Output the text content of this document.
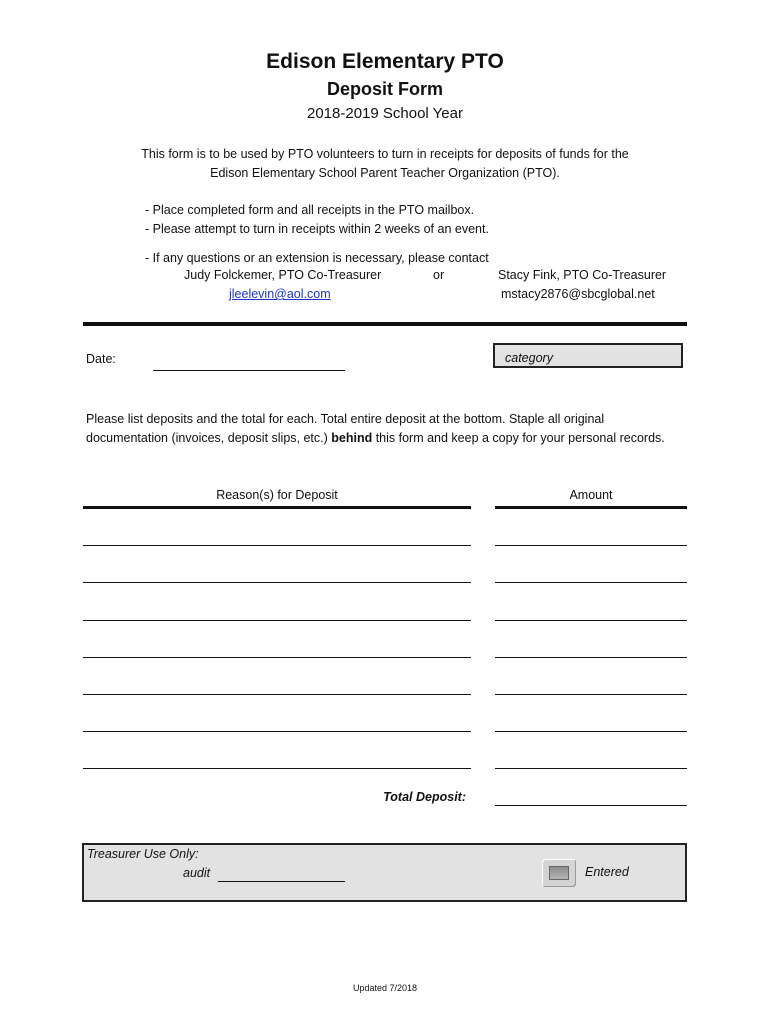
Edison Elementary PTO
Deposit Form
2018-2019 School Year
This form is to be used by PTO volunteers to turn in receipts for deposits of funds for the
Edison Elementary School Parent Teacher Organization (PTO).
- Place completed form and all receipts in the PTO mailbox.
- Please attempt to turn in receipts within 2 weeks of an event.
- If any questions or an extension is necessary, please contact
Judy Folckemer, PTO Co-Treasurer	or	Stacy Fink, PTO Co-Treasurer
jleelevin@aol.com	mstacy2876@sbcglobal.net
Date:	category
Please list deposits and the total for each. Total entire deposit at the bottom. Staple all original
documentation (invoices, deposit slips, etc.) behind this form and keep a copy for your personal records.
Reason(s) for Deposit	Amount
Total Deposit:
Treasurer Use Only:
audit	Entered
Updated 7/2018
